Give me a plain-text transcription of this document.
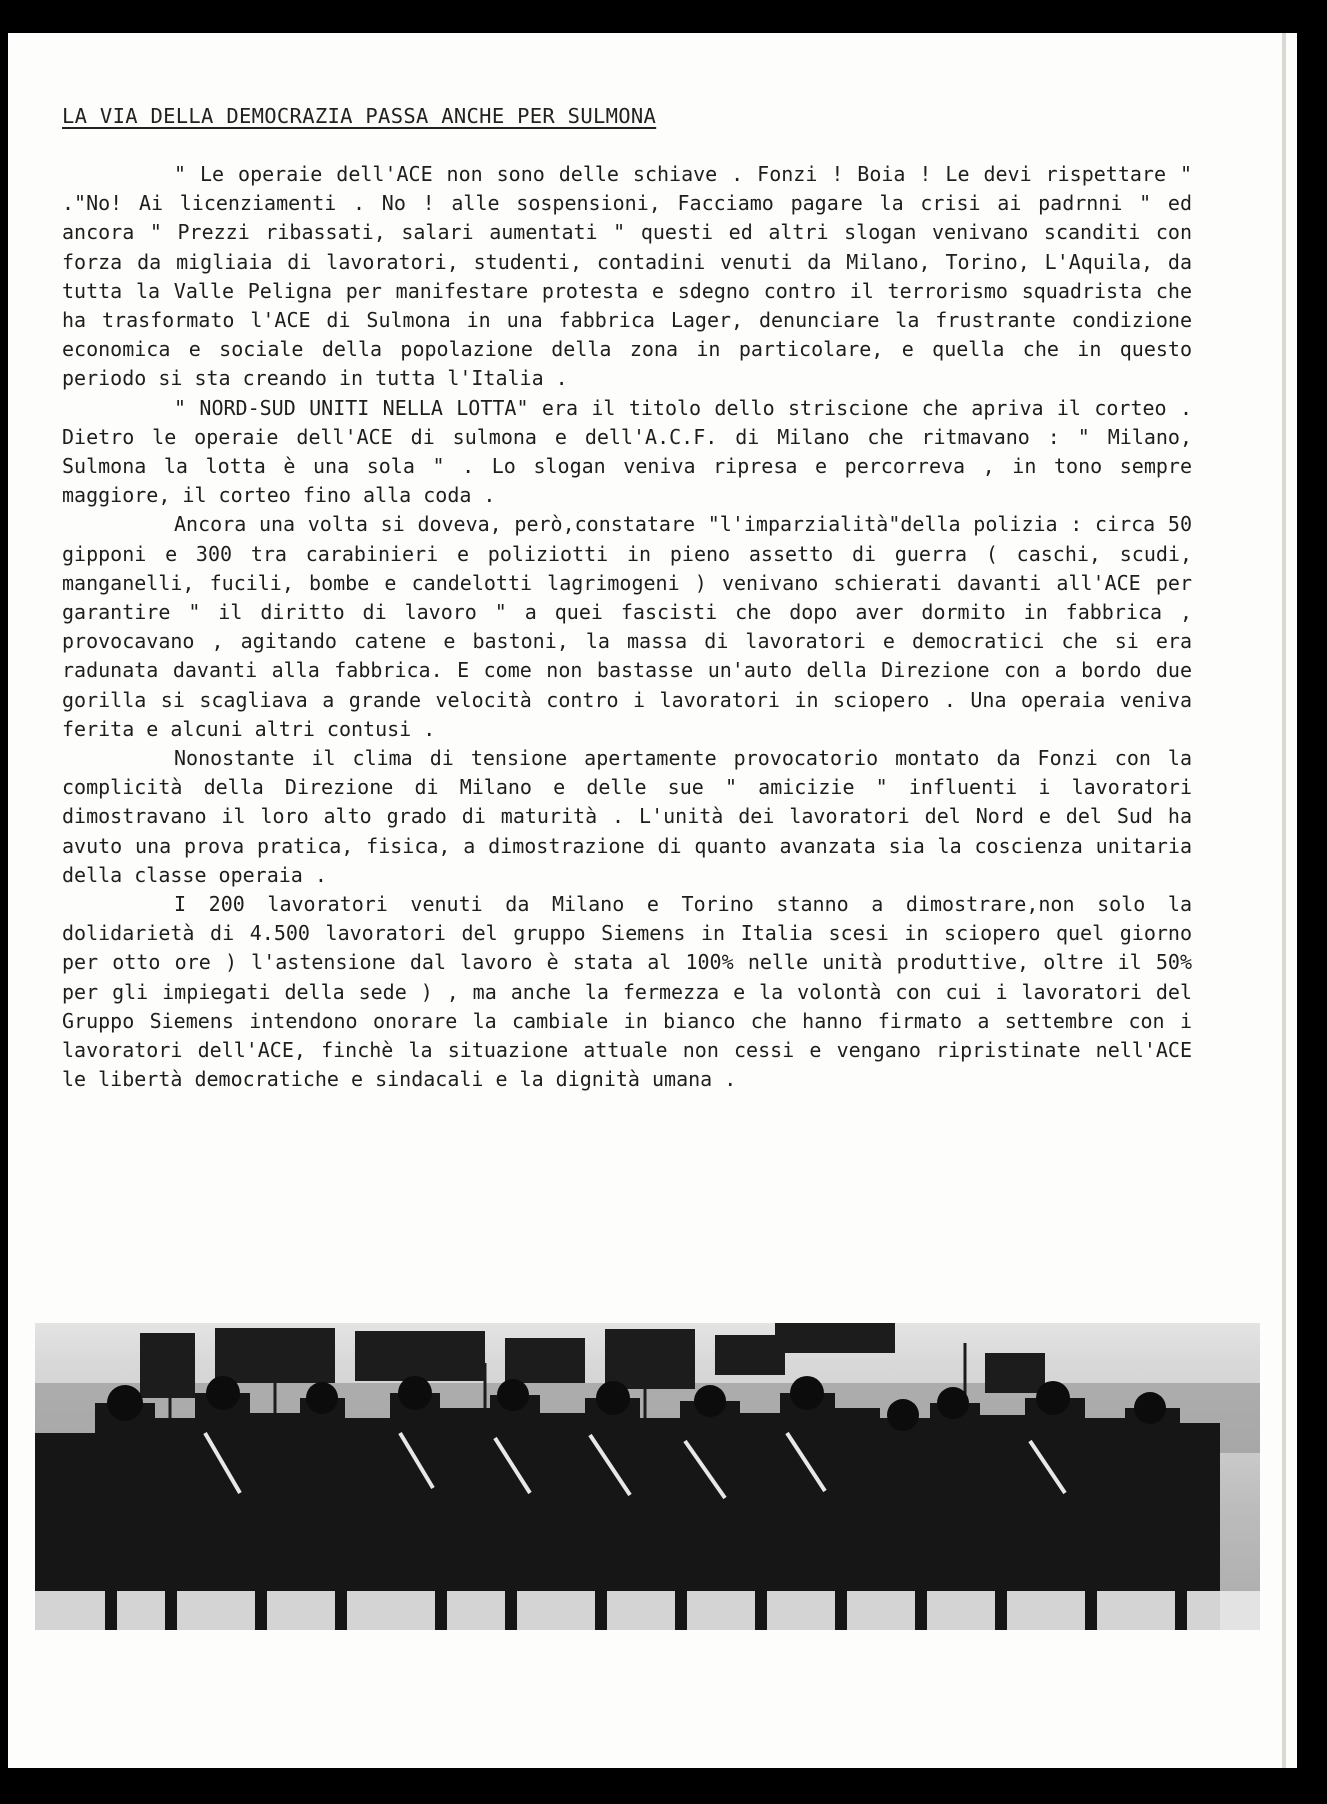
LA VIA DELLA DEMOCRAZIA PASSA ANCHE PER SULMONA

" Le operaie dell'ACE non sono delle schiave . Fonzi ! Boia ! Le devi rispettare " ."No! Ai licenziamenti . No ! alle sospensioni, Facciamo pagare la crisi ai padrnni " ed ancora " Prezzi ribassati, salari aumentati " questi ed altri slogan venivano scanditi con forza da migliaia di lavoratori, studenti, contadini venuti da Milano, Torino, L'Aquila, da tutta la Valle Peligna per manifestare protesta e sdegno contro il terrorismo squadrista che ha trasformato l'ACE di Sulmona in una fabbrica Lager, denunciare la frustrante condizione economica e sociale della popolazione della zona in particolare, e quella che in questo periodo si sta creando in tutta l'Italia .

" NORD-SUD UNITI NELLA LOTTA" era il titolo dello striscione che apriva il corteo . Dietro le operaie dell'ACE di sulmona e dell'A.C.F. di Milano che ritmavano : " Milano, Sulmona la lotta è una sola " . Lo slogan veniva ripresa e percorreva , in tono sempre maggiore, il corteo fino alla coda .

Ancora una volta si doveva, però,constatare "l'imparzialità"della polizia : circa 50 gipponi e 300 tra carabinieri e poliziotti in pieno assetto di guerra ( caschi, scudi, manganelli, fucili, bombe e candelotti lagrimogeni ) venivano schierati davanti all'ACE per garantire " il diritto di lavoro " a quei fascisti che dopo aver dormito in fabbrica , provocavano , agitando catene e bastoni, la massa di lavoratori e democratici che si era radunata davanti alla fabbrica. E come non bastasse un'auto della Direzione con a bordo due gorilla si scagliava a grande velocità contro i lavoratori in sciopero . Una operaia veniva ferita e alcuni altri contusi .

Nonostante il clima di tensione apertamente provocatorio montato da Fonzi con la complicità della Direzione di Milano e delle sue " amicizie " influenti i lavoratori dimostravano il loro alto grado di maturità . L'unità dei lavoratori del Nord e del Sud ha avuto una prova pratica, fisica, a dimostrazione di quanto avanzata sia la coscienza unitaria della classe operaia .

I 200 lavoratori venuti da Milano e Torino stanno a dimostrare,non solo la dolidarietà di 4.500 lavoratori del gruppo Siemens in Italia scesi in sciopero quel giorno per otto ore ) l'astensione dal lavoro è stata al 100% nelle unità produttive, oltre il 50% per gli impiegati della sede ) , ma anche la fermezza e la volontà con cui i lavoratori del Gruppo Siemens intendono onorare la cambiale in bianco che hanno firmato a settembre con i lavoratori dell'ACE, finchè la situazione attuale non cessi e vengano ripristinate nell'ACE le libertà democratiche e sindacali e la dignità umana .
